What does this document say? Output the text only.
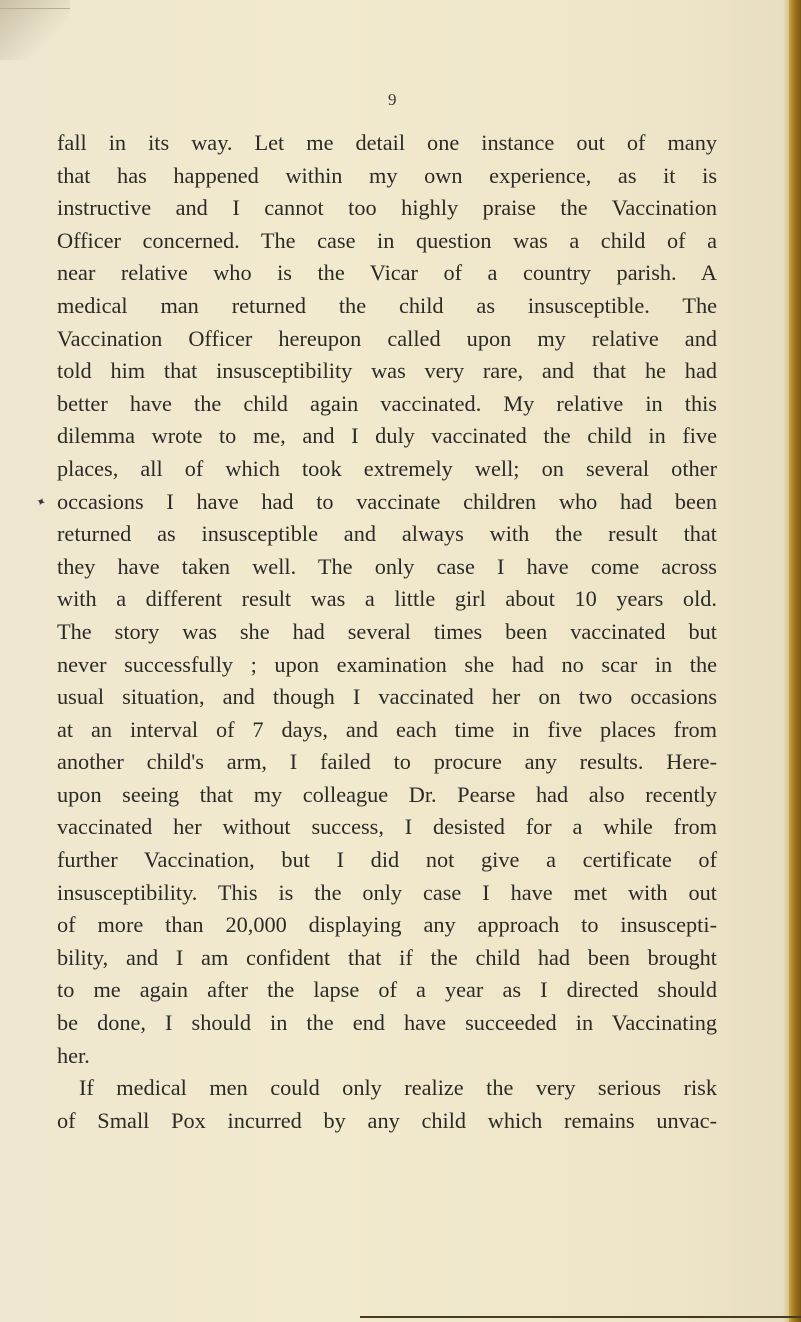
9
✦
fall in its way. Let me detail one instance out of many
that has happened within my own experience, as it is
instructive and I cannot too highly praise the Vaccination
Officer concerned. The case in question was a child of a
near relative who is the Vicar of a country parish. A
medical man returned the child as insusceptible. The
Vaccination Officer hereupon called upon my relative and
told him that insusceptibility was very rare, and that he had
better have the child again vaccinated. My relative in this
dilemma wrote to me, and I duly vaccinated the child in five
places, all of which took extremely well; on several other
occasions I have had to vaccinate children who had been
returned as insusceptible and always with the result that
they have taken well. The only case I have come across
with a different result was a little girl about 10 years old.
The story was she had several times been vaccinated but
never successfully ; upon examination she had no scar in the
usual situation, and though I vaccinated her on two occasions
at an interval of 7 days, and each time in five places from
another child's arm, I failed to procure any results. Here-
upon seeing that my colleague Dr. Pearse had also recently
vaccinated her without success, I desisted for a while from
further Vaccination, but I did not give a certificate of
insusceptibility. This is the only case I have met with out
of more than 20,000 displaying any approach to insuscepti-
bility, and I am confident that if the child had been brought
to me again after the lapse of a year as I directed should
be done, I should in the end have succeeded in Vaccinating
her.
If medical men could only realize the very serious risk
of Small Pox incurred by any child which remains unvac-
